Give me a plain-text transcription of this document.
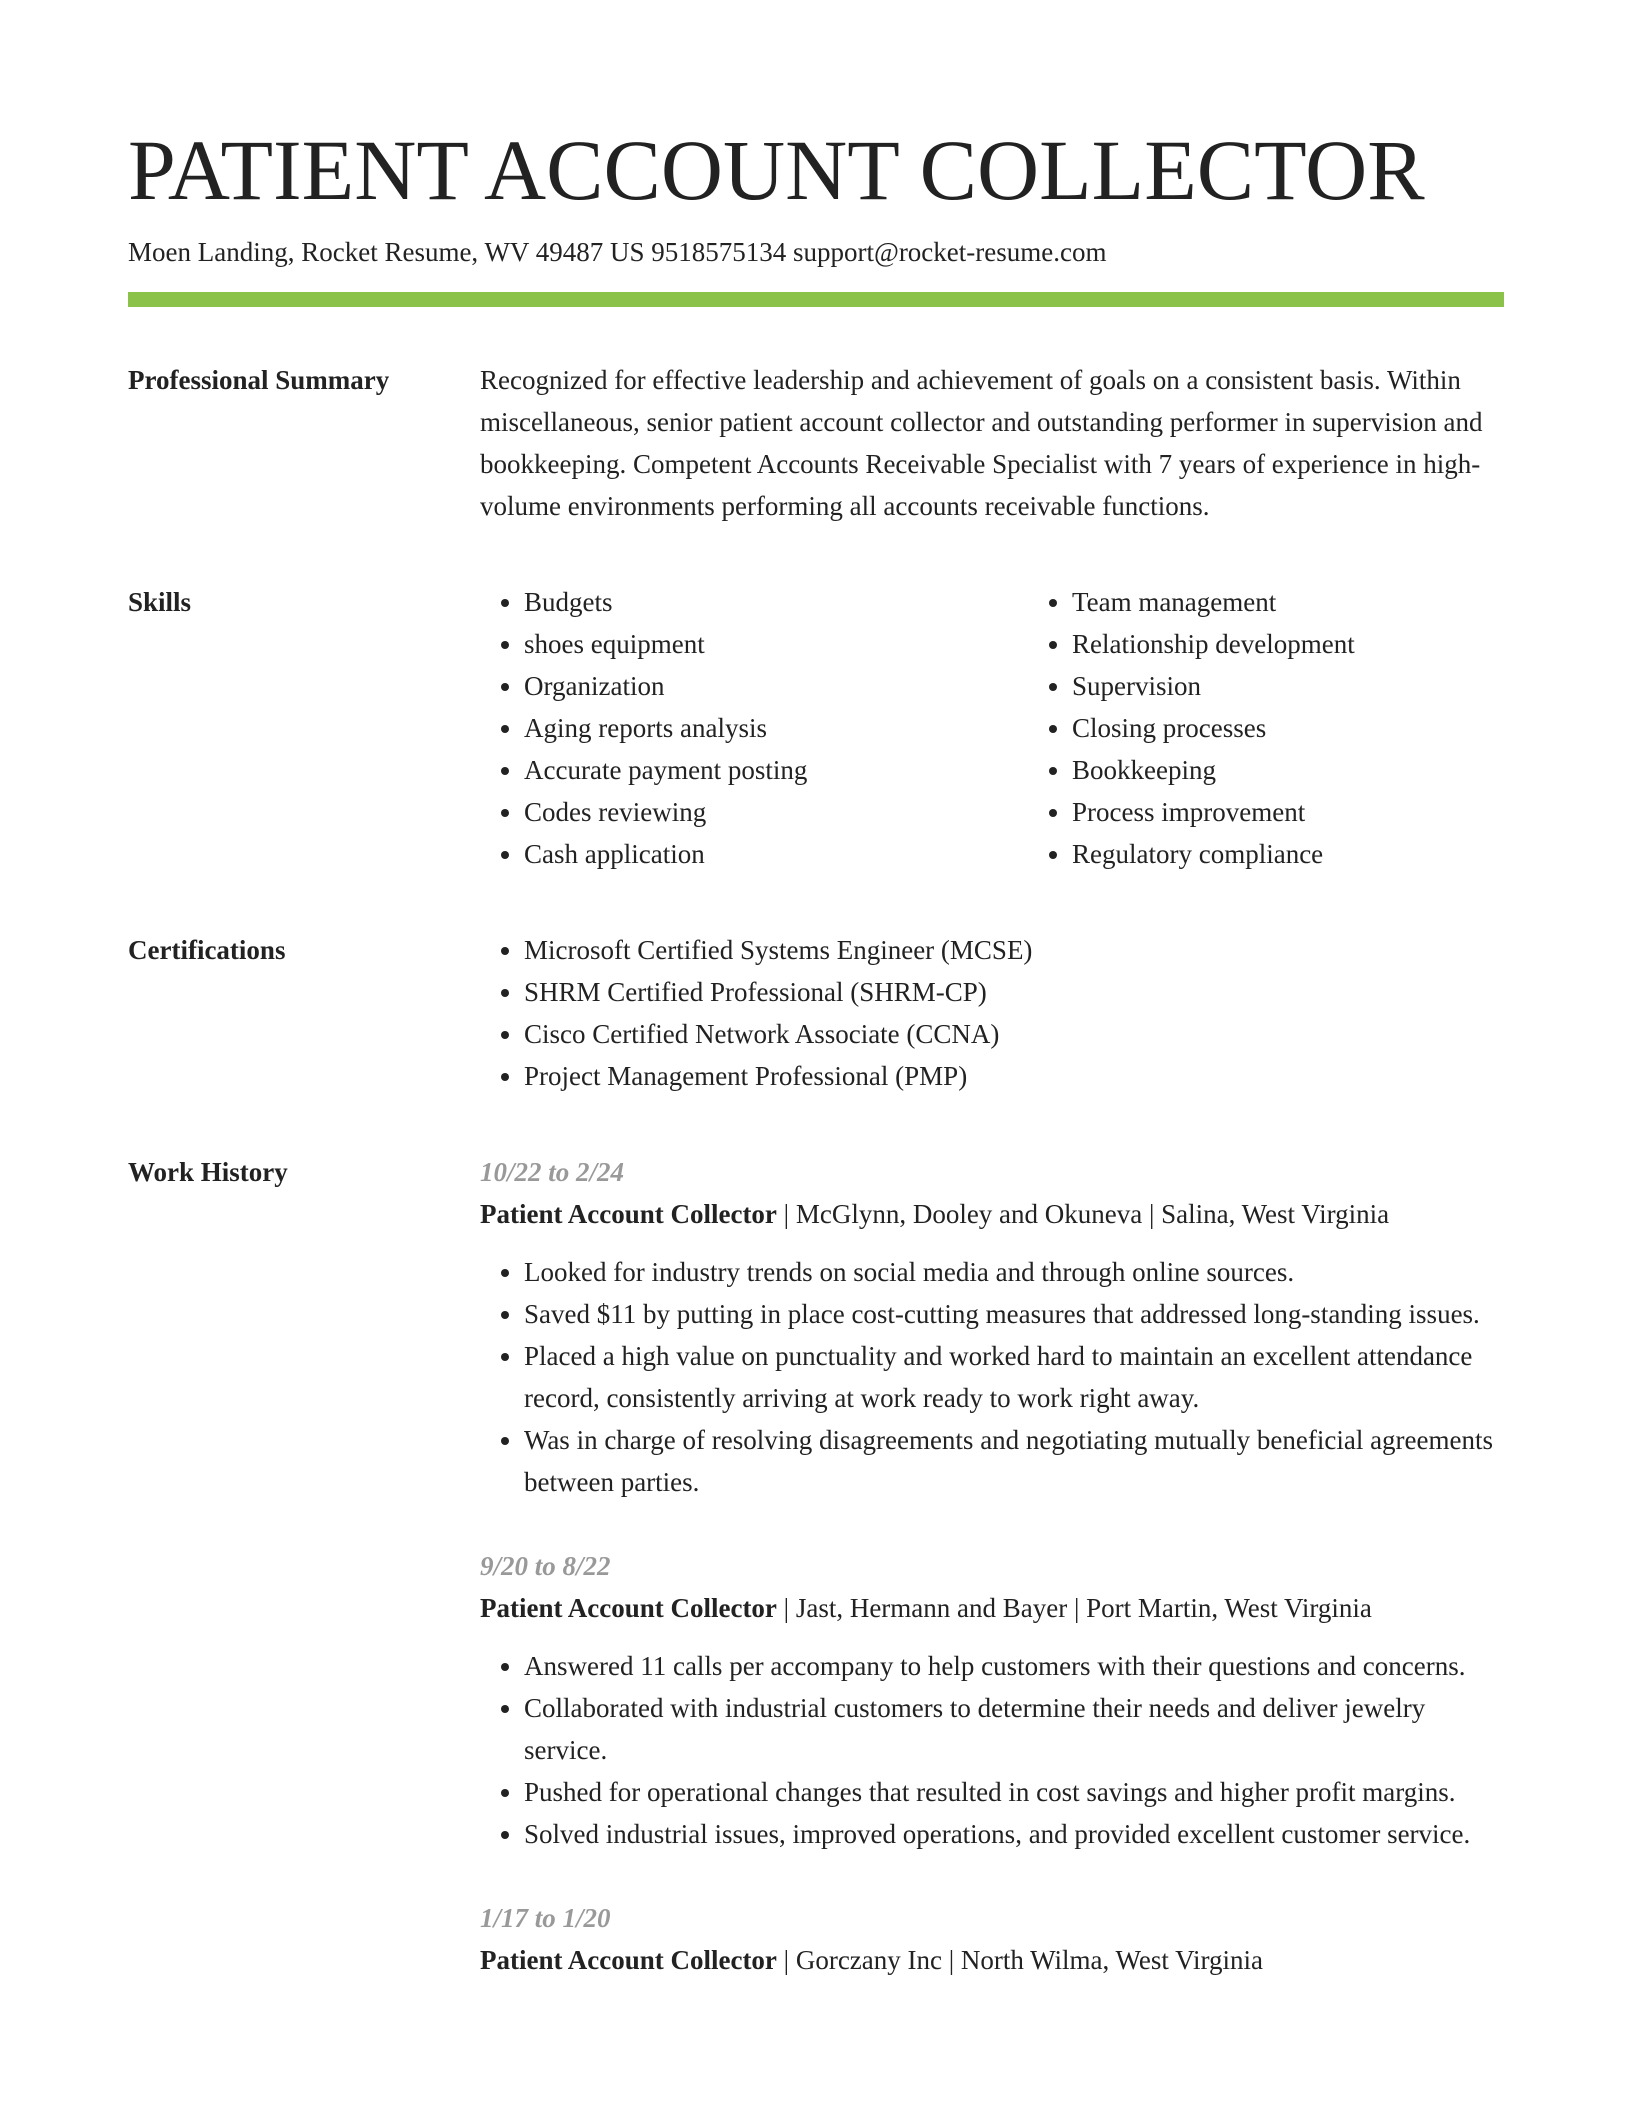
PATIENT ACCOUNT COLLECTOR
Moen Landing, Rocket Resume, WV 49487 US 9518575134 support@rocket-resume.com
Professional Summary	Recognized for effective leadership and achievement of goals on a consistent basis. Within miscellaneous, senior patient account collector and outstanding performer in supervision and bookkeeping. Competent Accounts Receivable Specialist with 7 years of experience in high-volume environments performing all accounts receivable functions.

Skills	• Budgets
• shoes equipment
• Organization
• Aging reports analysis
• Accurate payment posting
• Codes reviewing
• Cash application
• Team management
• Relationship development
• Supervision
• Closing processes
• Bookkeeping
• Process improvement
• Regulatory compliance
Certifications	• Microsoft Certified Systems Engineer (MCSE)
• SHRM Certified Professional (SHRM-CP)
• Cisco Certified Network Associate (CCNA)
• Project Management Professional (PMP)
Work History	10/22 to 2/24
Patient Account Collector | McGlynn, Dooley and Okuneva | Salina, West Virginia
• Looked for industry trends on social media and through online sources.
• Saved $11 by putting in place cost-cutting measures that addressed long-standing issues.
• Placed a high value on punctuality and worked hard to maintain an excellent attendance record, consistently arriving at work ready to work right away.
• Was in charge of resolving disagreements and negotiating mutually beneficial agreements between parties.
9/20 to 8/22
Patient Account Collector | Jast, Hermann and Bayer | Port Martin, West Virginia
• Answered 11 calls per accompany to help customers with their questions and concerns.
• Collaborated with industrial customers to determine their needs and deliver jewelry service.
• Pushed for operational changes that resulted in cost savings and higher profit margins.
• Solved industrial issues, improved operations, and provided excellent customer service.
1/17 to 1/20
Patient Account Collector | Gorczany Inc | North Wilma, West Virginia
